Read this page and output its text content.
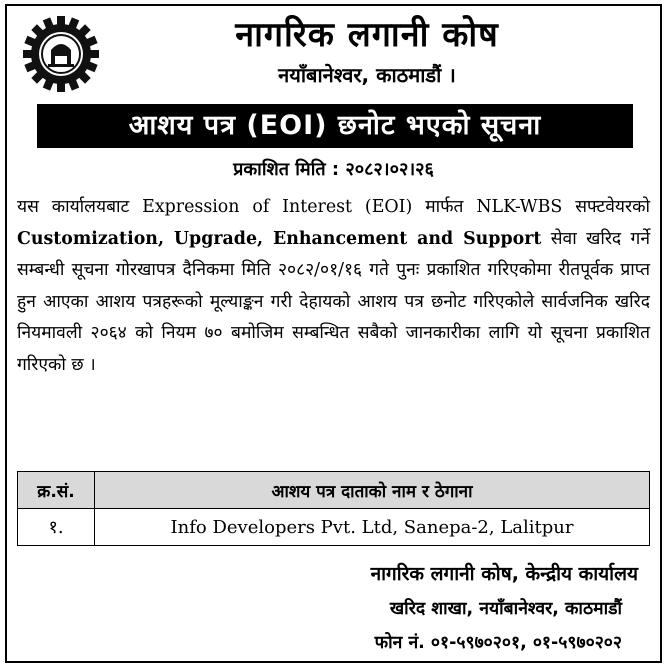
नागरिक लगानी कोष
नयाँबानेश्वर, काठमाडौं ।
आशय पत्र (EOI) छनोट भएको सूचना
प्रकाशित मिति : २०८२।०२।२६
यस कार्यालयबाट Expression of Interest (EOI) मार्फत NLK-WBS सफ्टवेयरको Customization, Upgrade, Enhancement and Support सेवा खरिद गर्ने सम्बन्धी सूचना गोरखापत्र दैनिकमा मिति २०८२/०१/१६ गते पुनः प्रकाशित गरिएकोमा रीतपूर्वक प्राप्त हुन आएका आशय पत्रहरूको मूल्याङ्कन गरी देहायको आशय पत्र छनोट गरिएकोले सार्वजनिक खरिद नियमावली २०६४ को नियम ७० बमोजिम सम्बन्धित सबैको जानकारीका लागि यो सूचना प्रकाशित गरिएको छ ।
क्र.सं.	आशय पत्र दाताको नाम र ठेगाना
१.	Info Developers Pvt. Ltd, Sanepa-2, Lalitpur
नागरिक लगानी कोष, केन्द्रीय कार्यालय
खरिद शाखा, नयाँबानेश्वर, काठमाडौं
फोन नं. ०१-५९७०२०१, ०१-५९७०२०२
